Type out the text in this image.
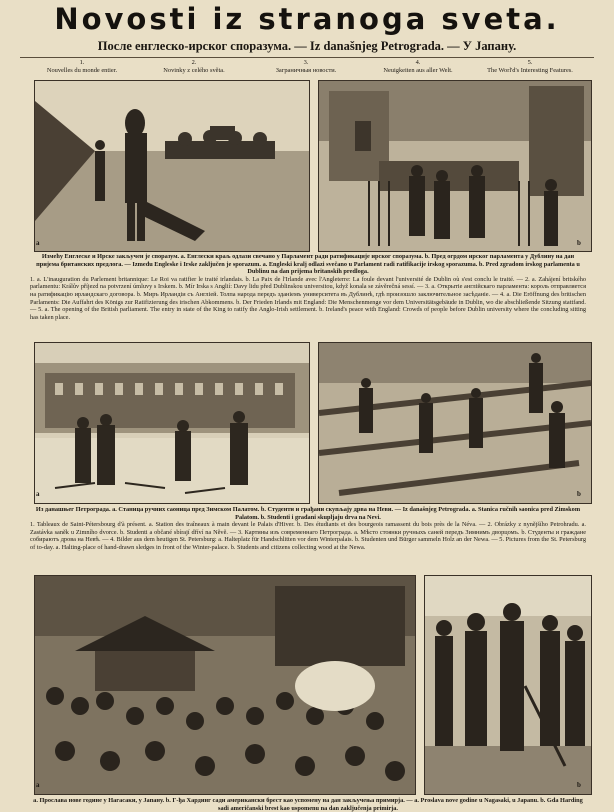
Novosti iz stranoga sveta.
После енглеско-ирског споразума. — Iz današnjeg Petrograda. — У Јапану.
1.
Nouvelles du monde entier.
2.
Novinky z celého světa.
3.
Заграничныя новости.
4.
Neuigkeiten aus aller Welt.
5.
The Worl'd's Interesting Features.
a	b
Измећу Енглеске и Ирске закључен је споразум. а. Енглески краљ одлази свечано у Парламент ради ратификације ирског споразума. b. Пред огрдом ирског парламента у Дублину на дан пријема британских предлога. — Između Engleske i Irske zaključen je sporazum. a. Engleski kralj odlazi svečano u Parlament radi ratifikacije irskog sporazuma. b. Pred zgradom irskog parlamenta u Dublinu na dan prijema britanskih predloga.
1. a. L'inauguration du Parlement britannique: Le Roi va ratifier le traité irlandais. b. La Paix de l'Irlande avec l'Angleterre: La foule devant l'université de Dublin où s'est conclu le traité. — 2. a. Zahájení britského parlamentu: Králův příjezd na potvrzení úmluvy s Irskem. b. Mír Irska s Anglií: Davy lidu před Dublinskou universitou, když konala se závěrečná sessí. — 3. а. Открытіе англійскаго парламента: король отправляется на ратификацію ирландскаго договора. b. Миръ Ирландіи съ Англіей. Толпа народа передъ зданіемъ университета въ Дублинѣ, гдѣ произошло заключительное засѣданіе. — 4. a. Die Eröffnung des britischen Parlaments: Die Auffahrt des Königs zur Ratifizierung des irischen Abkommens. b. Der Frieden Irlands mit England: Die Menschenmenge vor dem Universitätsgebäude in Dublin, wo die abschließende Sitzung stattfand. — 5. a. The opening of the British parliament. The entry in state of the King to ratify the Anglo-Irish settlement. b. Ireland's peace with England: Crowds of people before Dublin university where the concluding sitting has taken place.
a	b
Из данашњег Петрограда. а. Станица ручних саоница пред Зимском Палатом. b. Студенти и грађани скупљају дрва на Неви. — Iz današnjeg Petrograda. a. Stanica ručnih saonica pred Zimskom Palatom. b. Studenti i građani skupljaju drva na Nevi.
1. Tableaux de Saint-Pétersbourg d'à présent. a. Station des traîneaux à main devant le Palais d'Hiver. b. Des étudiants et des bourgeois ramassent du bois près de la Néva. — 2. Obrázky z nynějšího Petrohradu. a. Zastávka saněk u Zimního dvorce. b. Studenti a občané sbírají dříví na Něvě. — 3. Картины изъ современнаго Петрограда. а. Мѣсто стоянки ручныхъ саней передъ Зимнимъ дворцомъ. b. Студенты и граждане собираютъ дрова на Невѣ. — 4. Bilder aus dem heutigen St. Petersburg: a. Halteplatz für Handschlitten vor dem Winterpalais. b. Studenten und Bürger sammeln Holz an der Newa. — 5. Pictures from the St. Petersburg of to-day. a. Halting-place of hand-drawn sledges in front of the Winter-palace. b. Students and citizens collecting wood at the Newa.
a	b
а. Прослава нове године у Нагасаки, у Јапану. b. Г-ђа Хардинг сади американски брест као успомену на дан закључења примирја. — a. Proslava nove godine u Nagasaki, u Japanu. b. Gđa Harding sadi američanski brest kao uspomenu na dan zaključenja primirja.
